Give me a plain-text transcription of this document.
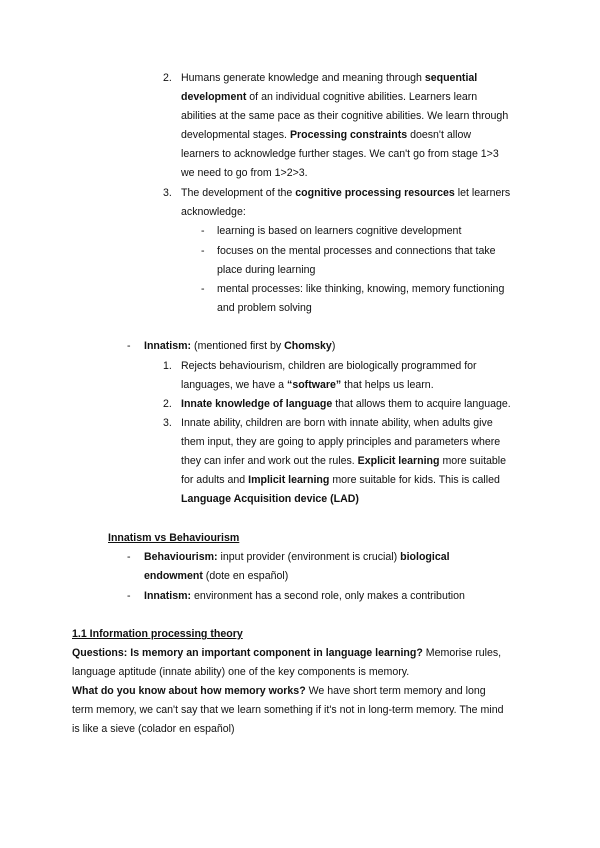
2. Humans generate knowledge and meaning through sequential
development of an individual cognitive abilities. Learners learn
abilities at the same pace as their cognitive abilities. We learn through
developmental stages. Processing constraints doesn't allow
learners to acknowledge further stages. We can't go from stage 1>3
we need to go from 1>2>3.
3. The development of the cognitive processing resources let learners
acknowledge:
- learning is based on learners cognitive development
- focuses on the mental processes and connections that take
place during learning
- mental processes: like thinking, knowing, memory functioning
and problem solving
- Innatism: (mentioned first by Chomsky)
1. Rejects behaviourism, children are biologically programmed for
languages, we have a “software” that helps us learn.
2. Innate knowledge of language that allows them to acquire language.
3. Innate ability, children are born with innate ability, when adults give
them input, they are going to apply principles and parameters where
they can infer and work out the rules. Explicit learning more suitable
for adults and Implicit learning more suitable for kids. This is called
Language Acquisition device (LAD)
Innatism vs Behaviourism
- Behaviourism: input provider (environment is crucial) biological
endowment (dote en español)
- Innatism: environment has a second role, only makes a contribution
1.1 Information processing theory
Questions: Is memory an important component in language learning? Memorise rules,
language aptitude (innate ability) one of the key components is memory.
What do you know about how memory works? We have short term memory and long
term memory, we can't say that we learn something if it's not in long-term memory. The mind
is like a sieve (colador en español)
